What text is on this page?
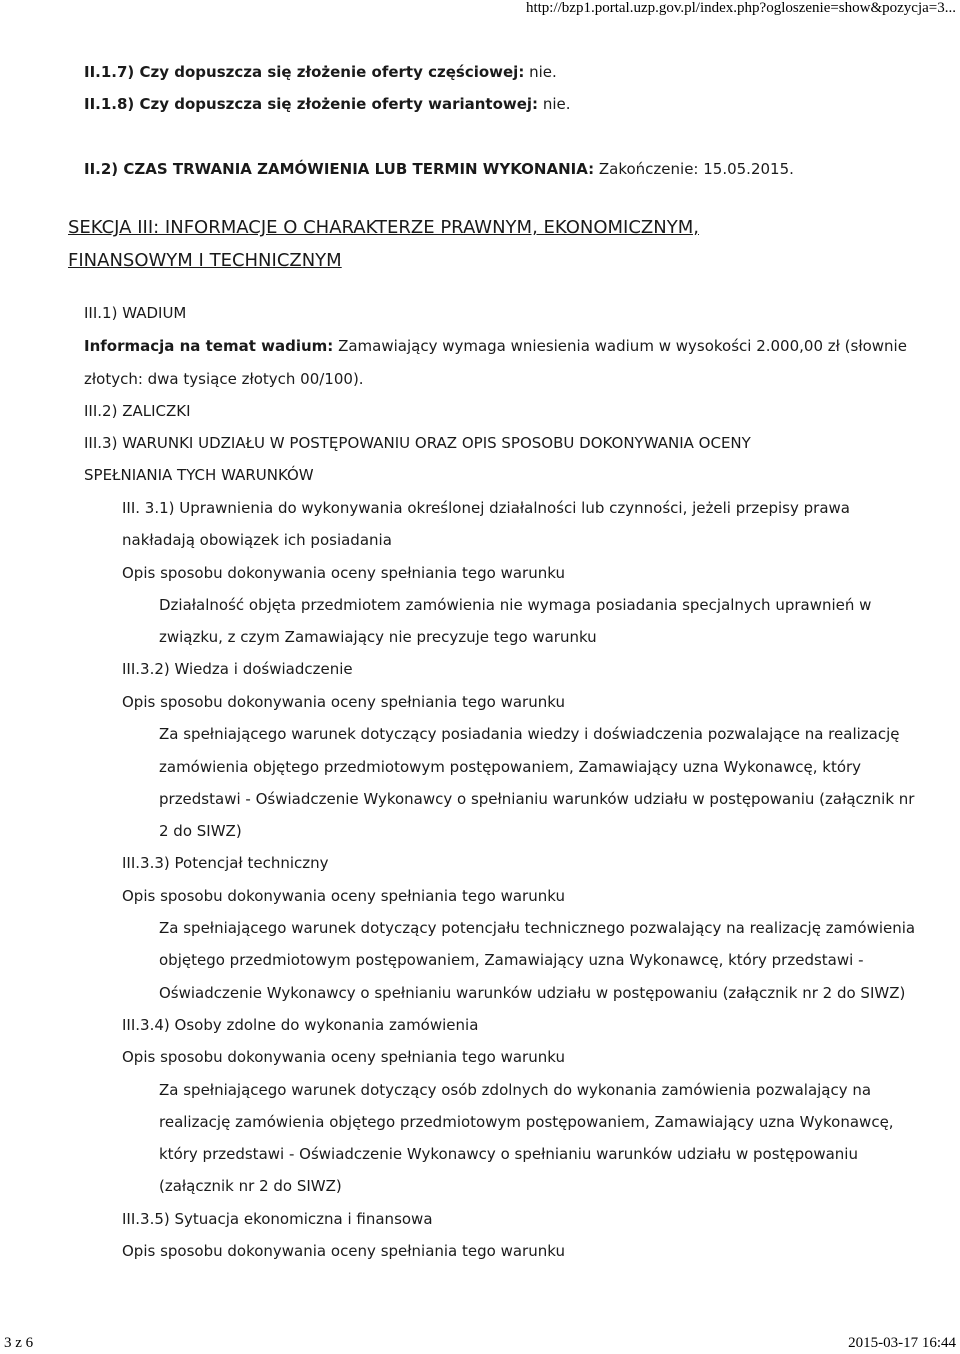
http://bzp1.portal.uzp.gov.pl/index.php?ogloszenie=show&pozycja=3...
II.1.7) Czy dopuszcza się złożenie oferty częściowej: nie.
II.1.8) Czy dopuszcza się złożenie oferty wariantowej: nie.
II.2) CZAS TRWANIA ZAMÓWIENIA LUB TERMIN WYKONANIA: Zakończenie: 15.05.2015.
SEKCJA III: INFORMACJE O CHARAKTERZE PRAWNYM, EKONOMICZNYM,
FINANSOWYM I TECHNICZNYM
III.1) WADIUM
Informacja na temat wadium: Zamawiający wymaga wniesienia wadium w wysokości 2.000,00 zł (słownie
złotych: dwa tysiące złotych 00/100).
III.2) ZALICZKI
III.3) WARUNKI UDZIAŁU W POSTĘPOWANIU ORAZ OPIS SPOSOBU DOKONYWANIA OCENY
SPEŁNIANIA TYCH WARUNKÓW
III. 3.1) Uprawnienia do wykonywania określonej działalności lub czynności, jeżeli przepisy prawa
nakładają obowiązek ich posiadania
Opis sposobu dokonywania oceny spełniania tego warunku
Działalność objęta przedmiotem zamówienia nie wymaga posiadania specjalnych uprawnień w
związku, z czym Zamawiający nie precyzuje tego warunku
III.3.2) Wiedza i doświadczenie
Opis sposobu dokonywania oceny spełniania tego warunku
Za spełniającego warunek dotyczący posiadania wiedzy i doświadczenia pozwalające na realizację
zamówienia objętego przedmiotowym postępowaniem, Zamawiający uzna Wykonawcę, który
przedstawi - Oświadczenie Wykonawcy o spełnianiu warunków udziału w postępowaniu (załącznik nr
2 do SIWZ)
III.3.3) Potencjał techniczny
Opis sposobu dokonywania oceny spełniania tego warunku
Za spełniającego warunek dotyczący potencjału technicznego pozwalający na realizację zamówienia
objętego przedmiotowym postępowaniem, Zamawiający uzna Wykonawcę, który przedstawi -
Oświadczenie Wykonawcy o spełnianiu warunków udziału w postępowaniu (załącznik nr 2 do SIWZ)
III.3.4) Osoby zdolne do wykonania zamówienia
Opis sposobu dokonywania oceny spełniania tego warunku
Za spełniającego warunek dotyczący osób zdolnych do wykonania zamówienia pozwalający na
realizację zamówienia objętego przedmiotowym postępowaniem, Zamawiający uzna Wykonawcę,
który przedstawi - Oświadczenie Wykonawcy o spełnianiu warunków udziału w postępowaniu
(załącznik nr 2 do SIWZ)
III.3.5) Sytuacja ekonomiczna i finansowa
Opis sposobu dokonywania oceny spełniania tego warunku
3 z 6	2015-03-17 16:44
